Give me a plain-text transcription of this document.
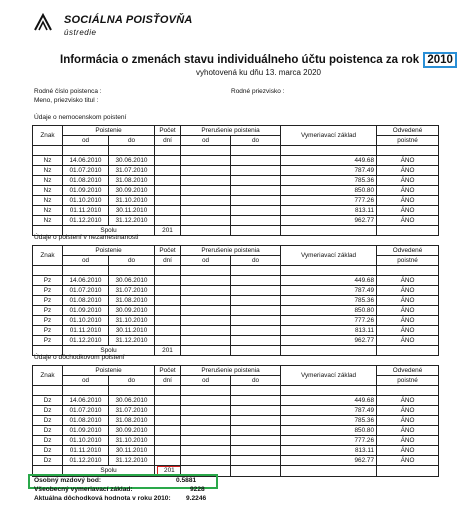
SOCIÁLNA POISŤOVŇA
ústredie
Informácia o zmenách stavu individuálneho účtu poistenca za rok 2010
vyhotovená ku dňu 13. marca 2020
Rodné číslo poistenca :	Rodné priezvisko :
Meno, priezvisko titul :
Údaje o nemocenskom poistení
Znak	Poistenie		Počet	Prerušenie poistenia		Vymeriavací základ	Odvedené
	od	do	dní	od	do		poistné

Nz	14.06.2010	30.06.2010				449.68	ÁNO
Nz	01.07.2010	31.07.2010				787.49	ÁNO
Nz	01.08.2010	31.08.2010				785.36	ÁNO
Nz	01.09.2010	30.09.2010				850.80	ÁNO
Nz	01.10.2010	31.10.2010				777.26	ÁNO
Nz	01.11.2010	30.11.2010				813.11	ÁNO
Nz	01.12.2010	31.12.2010				962.77	ÁNO
	Spolu		201				
Údaje o poistení v nezamestnanosti
Znak	Poistenie		Počet	Prerušenie poistenia		Vymeriavací základ	Odvedené
	od	do	dní	od	do		poistné

Pz	14.06.2010	30.06.2010				449.68	ÁNO
Pz	01.07.2010	31.07.2010				787.49	ÁNO
Pz	01.08.2010	31.08.2010				785.36	ÁNO
Pz	01.09.2010	30.09.2010				850.80	ÁNO
Pz	01.10.2010	31.10.2010				777.26	ÁNO
Pz	01.11.2010	30.11.2010				813.11	ÁNO
Pz	01.12.2010	31.12.2010				962.77	ÁNO
	Spolu		201				
Údaje o dôchodkovom poistení
Znak	Poistenie		Počet	Prerušenie poistenia		Vymeriavací základ	Odvedené
	od	do	dní	od	do		poistné

Dz	14.06.2010	30.06.2010				449.68	ÁNO
Dz	01.07.2010	31.07.2010				787.49	ÁNO
Dz	01.08.2010	31.08.2010				785.36	ÁNO
Dz	01.09.2010	30.09.2010				850.80	ÁNO
Dz	01.10.2010	31.10.2010				777.26	ÁNO
Dz	01.11.2010	30.11.2010				813.11	ÁNO
Dz	01.12.2010	31.12.2010				962.77	ÁNO
	Spolu		201				
Osobný mzdový bod:	0.5881
Všeobecný vymeriavací základ:	9228
Aktuálna dôchodková hodnota v roku 2010: 9.2246
